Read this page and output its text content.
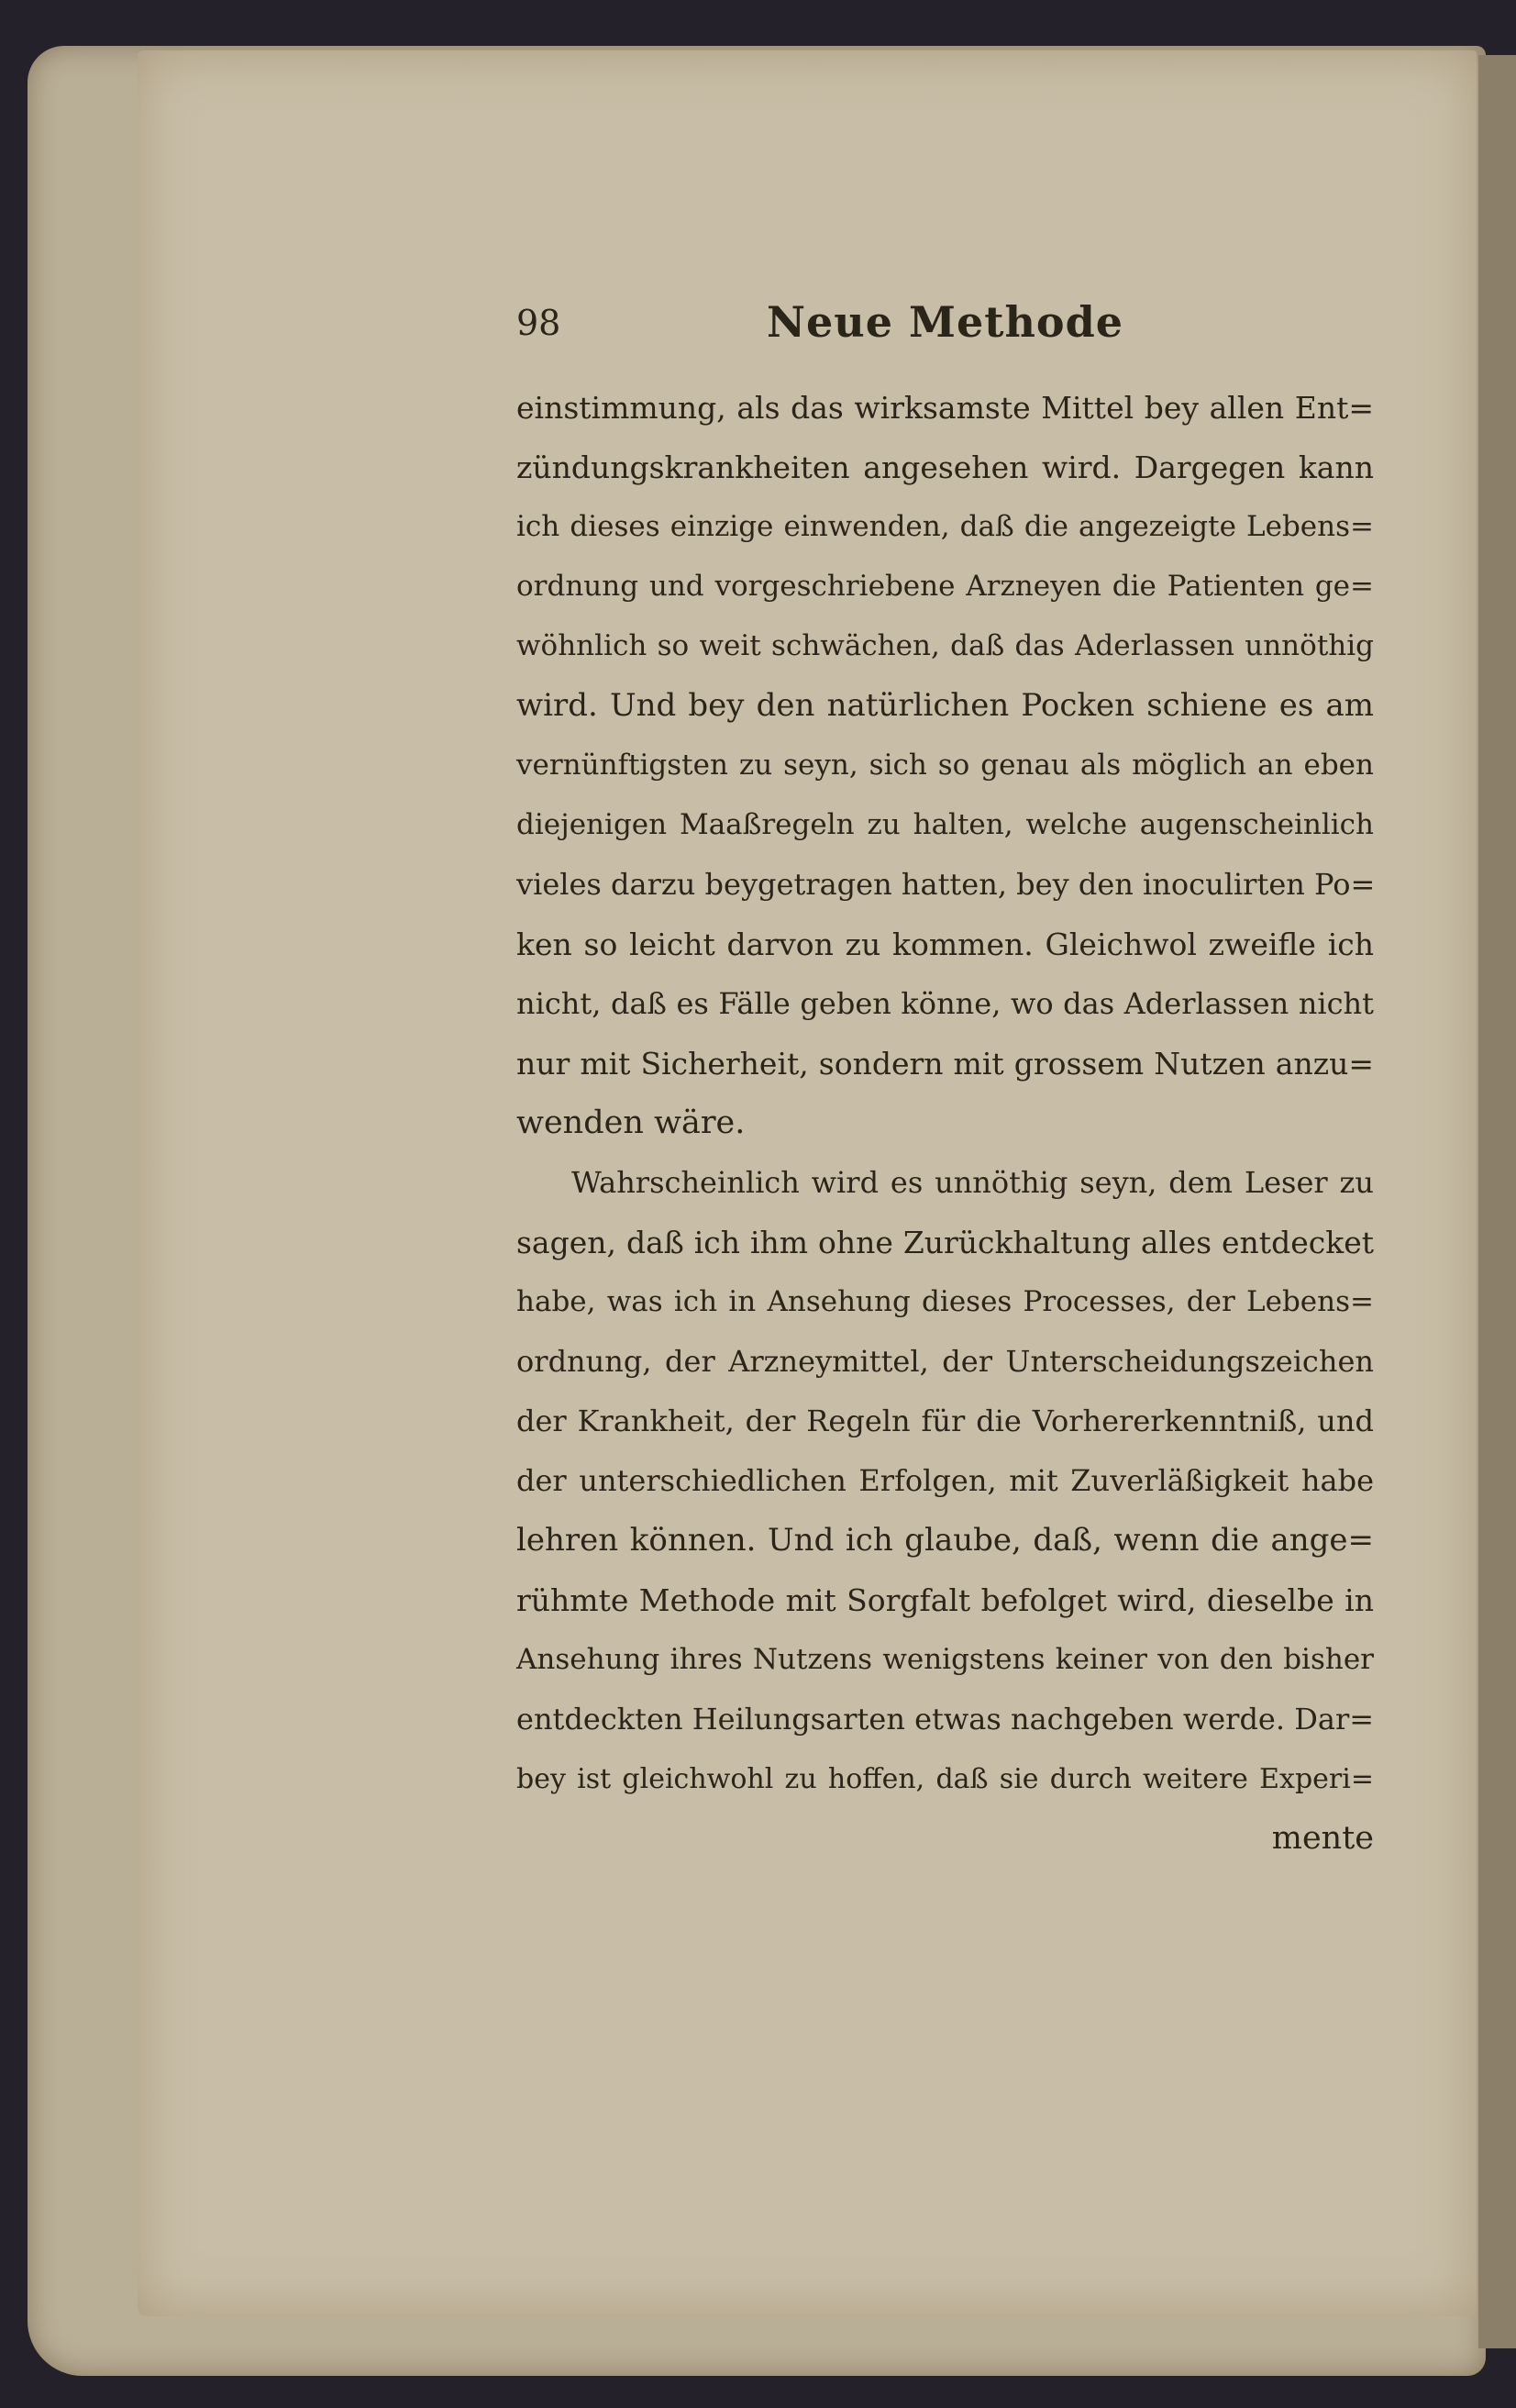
98	Neue Methode
einstimmung, als das wirksamste Mittel bey allen Ent=
zündungskrankheiten angesehen wird. Dargegen kann
ich dieses einzige einwenden, daß die angezeigte Lebens=
ordnung und vorgeschriebene Arzneyen die Patienten ge=
wöhnlich so weit schwächen, daß das Aderlassen unnöthig
wird. Und bey den natürlichen Pocken schiene es am
vernünftigsten zu seyn, sich so genau als möglich an eben
diejenigen Maaßregeln zu halten, welche augenscheinlich
vieles darzu beygetragen hatten, bey den inoculirten Po=
ken so leicht darvon zu kommen. Gleichwol zweifle ich
nicht, daß es Fälle geben könne, wo das Aderlassen nicht
nur mit Sicherheit, sondern mit grossem Nutzen anzu=
wenden wäre.
Wahrscheinlich wird es unnöthig seyn, dem Leser zu
sagen, daß ich ihm ohne Zurückhaltung alles entdecket
habe, was ich in Ansehung dieses Processes, der Lebens=
ordnung, der Arzneymittel, der Unterscheidungszeichen
der Krankheit, der Regeln für die Vorhererkenntniß, und
der unterschiedlichen Erfolgen, mit Zuverläßigkeit habe
lehren können. Und ich glaube, daß, wenn die ange=
rühmte Methode mit Sorgfalt befolget wird, dieselbe in
Ansehung ihres Nutzens wenigstens keiner von den bisher
entdeckten Heilungsarten etwas nachgeben werde. Dar=
bey ist gleichwohl zu hoffen, daß sie durch weitere Experi=
mente
